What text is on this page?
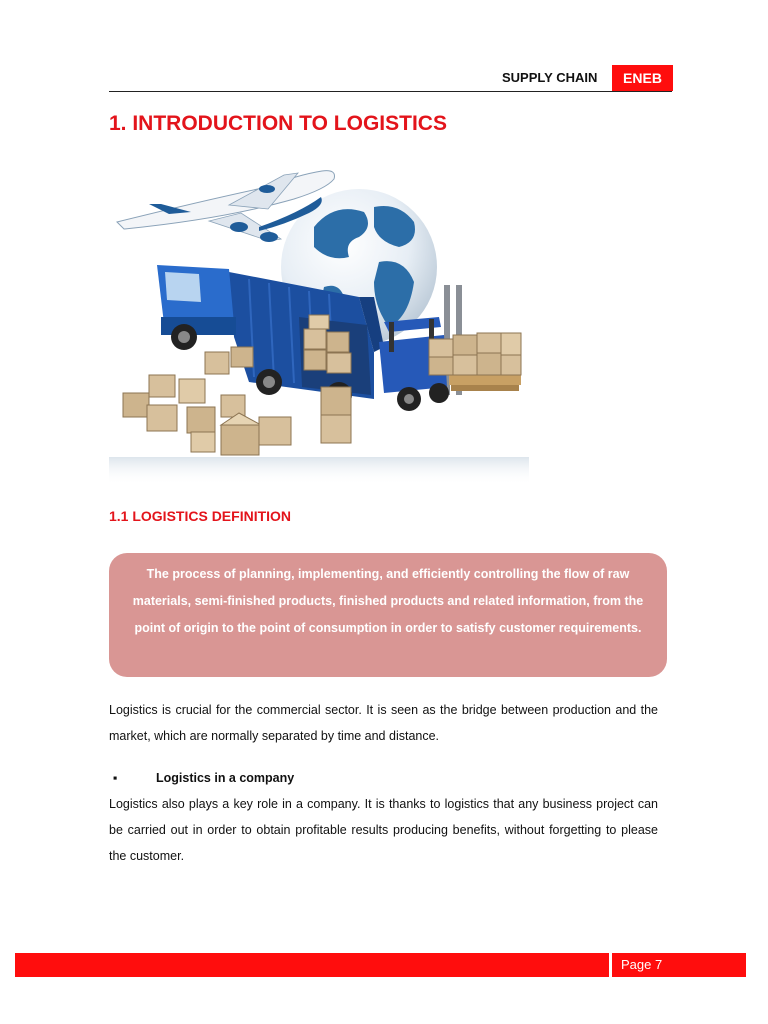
SUPPLY CHAIN	ENEB
1. INTRODUCTION TO LOGISTICS
1.1 LOGISTICS DEFINITION
The process of planning, implementing, and efficiently controlling the flow of raw materials, semi-finished products, finished products and related information, from the point of origin to the point of consumption in order to satisfy customer requirements.

Logistics is crucial for the commercial sector. It is seen as the bridge between production and the market, which are normally separated by time and distance.

▪	Logistics in a company

Logistics also plays a key role in a company. It is thanks to logistics that any business project can be carried out in order to obtain profitable results producing benefits, without forgetting to please the customer.

Page 7
